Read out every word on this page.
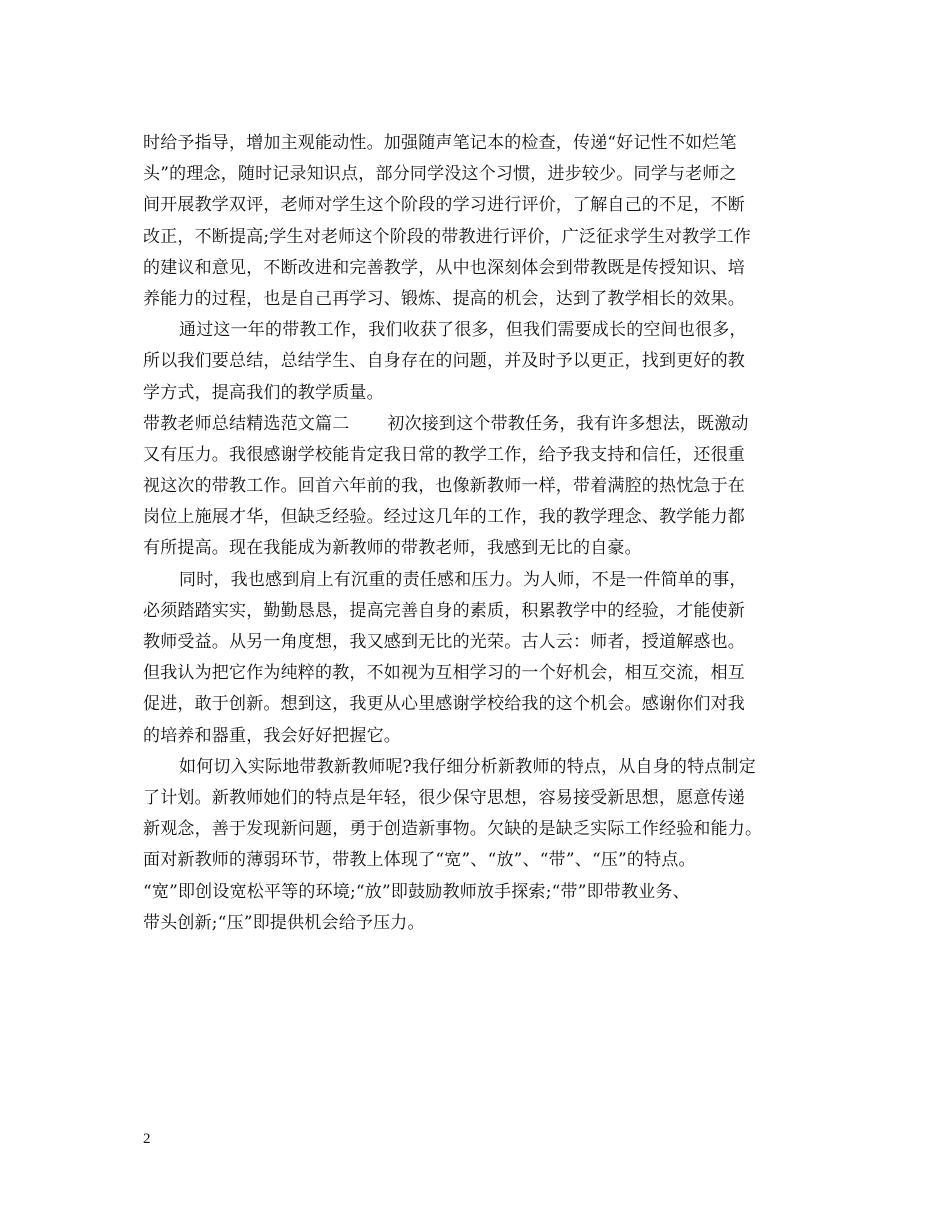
时给予指导，增加主观能动性。加强随声笔记本的检查，传递“好记性不如烂笔
头”的理念，随时记录知识点，部分同学没这个习惯，进步较少。同学与老师之
间开展教学双评，老师对学生这个阶段的学习进行评价，了解自己的不足，不断
改正，不断提高;学生对老师这个阶段的带教进行评价，广泛征求学生对教学工作
的建议和意见，不断改进和完善教学，从中也深刻体会到带教既是传授知识、培
养能力的过程，也是自己再学习、锻炼、提高的机会，达到了教学相长的效果。
通过这一年的带教工作，我们收获了很多，但我们需要成长的空间也很多，
所以我们要总结，总结学生、自身存在的问题，并及时予以更正，找到更好的教
学方式，提高我们的教学质量。
带教老师总结精选范文篇二 初次接到这个带教任务，我有许多想法，既激动
又有压力。我很感谢学校能肯定我日常的教学工作，给予我支持和信任，还很重
视这次的带教工作。回首六年前的我，也像新教师一样，带着满腔的热忱急于在
岗位上施展才华，但缺乏经验。经过这几年的工作，我的教学理念、教学能力都
有所提高。现在我能成为新教师的带教老师，我感到无比的自豪。
同时，我也感到肩上有沉重的责任感和压力。为人师，不是一件简单的事，
必须踏踏实实，勤勤恳恳，提高完善自身的素质，积累教学中的经验，才能使新
教师受益。从另一角度想，我又感到无比的光荣。古人云：师者，授道解惑也。
但我认为把它作为纯粹的教，不如视为互相学习的一个好机会，相互交流，相互
促进，敢于创新。想到这，我更从心里感谢学校给我的这个机会。感谢你们对我
的培养和器重，我会好好把握它。
如何切入实际地带教新教师呢?我仔细分析新教师的特点，从自身的特点制定
了计划。新教师她们的特点是年轻，很少保守思想，容易接受新思想，愿意传递
新观念，善于发现新问题，勇于创造新事物。欠缺的是缺乏实际工作经验和能力。
面对新教师的薄弱环节，带教上体现了“宽”、“放”、“带”、“压”的特点。
“宽”即创设宽松平等的环境;“放”即鼓励教师放手探索;“带”即带教业务、
带头创新;“压”即提供机会给予压力。
2
